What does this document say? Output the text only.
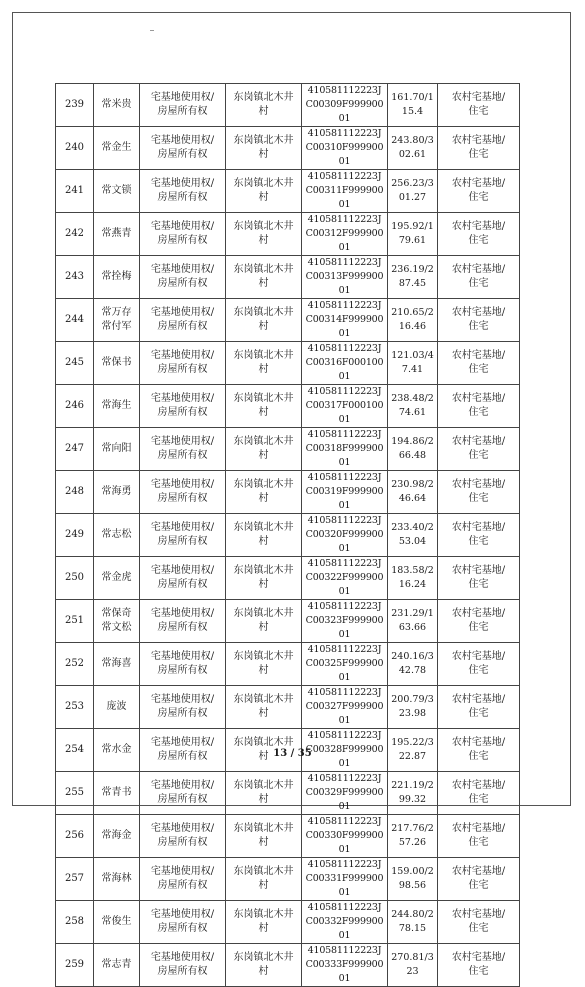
239	常米贵	宅基地使用权/房屋所有权	东岗镇北木井村	410581112223JC00309F99990001	161.70/115.4	农村宅基地/住宅

240	常金生	宅基地使用权/房屋所有权	东岗镇北木井村	410581112223JC00310F99990001	243.80/302.61	农村宅基地/住宅

241	常文锁	宅基地使用权/房屋所有权	东岗镇北木井村	410581112223JC00311F99990001	256.23/301.27	农村宅基地/住宅

242	常燕青	宅基地使用权/房屋所有权	东岗镇北木井村	410581112223JC00312F99990001	195.92/179.61	农村宅基地/住宅

243	常拴梅	宅基地使用权/房屋所有权	东岗镇北木井村	410581112223JC00313F99990001	236.19/287.45	农村宅基地/住宅

244	常万存常付军	宅基地使用权/房屋所有权	东岗镇北木井村	410581112223JC00314F99990001	210.65/216.46	农村宅基地/住宅

245	常保书	宅基地使用权/房屋所有权	东岗镇北木井村	410581112223JC00316F00010001	121.03/47.41	农村宅基地/住宅

246	常海生	宅基地使用权/房屋所有权	东岗镇北木井村	410581112223JC00317F00010001	238.48/274.61	农村宅基地/住宅

247	常向阳	宅基地使用权/房屋所有权	东岗镇北木井村	410581112223JC00318F99990001	194.86/266.48	农村宅基地/住宅

248	常海勇	宅基地使用权/房屋所有权	东岗镇北木井村	410581112223JC00319F99990001	230.98/246.64	农村宅基地/住宅

249	常志松	宅基地使用权/房屋所有权	东岗镇北木井村	410581112223JC00320F99990001	233.40/253.04	农村宅基地/住宅

250	常金虎	宅基地使用权/房屋所有权	东岗镇北木井村	410581112223JC00322F99990001	183.58/216.24	农村宅基地/住宅

251	常保奇常文松	宅基地使用权/房屋所有权	东岗镇北木井村	410581112223JC00323F99990001	231.29/163.66	农村宅基地/住宅

252	常海喜	宅基地使用权/房屋所有权	东岗镇北木井村	410581112223JC00325F99990001	240.16/342.78	农村宅基地/住宅

253	庞波	宅基地使用权/房屋所有权	东岗镇北木井村	410581112223JC00327F99990001	200.79/323.98	农村宅基地/住宅

254	常水金	宅基地使用权/房屋所有权	东岗镇北木井村	410581112223JC00328F99990001	195.22/322.87	农村宅基地/住宅

255	常青书	宅基地使用权/房屋所有权	东岗镇北木井村	410581112223JC00329F99990001	221.19/299.32	农村宅基地/住宅

256	常海金	宅基地使用权/房屋所有权	东岗镇北木井村	410581112223JC00330F99990001	217.76/257.26	农村宅基地/住宅

257	常海林	宅基地使用权/房屋所有权	东岗镇北木井村	410581112223JC00331F99990001	159.00/298.56	农村宅基地/住宅

258	常俊生	宅基地使用权/房屋所有权	东岗镇北木井村	410581112223JC00332F99990001	244.80/278.15	农村宅基地/住宅

259	常志青	宅基地使用权/房屋所有权	东岗镇北木井村	410581112223JC00333F99990001	270.81/323	农村宅基地/住宅
13 / 35
